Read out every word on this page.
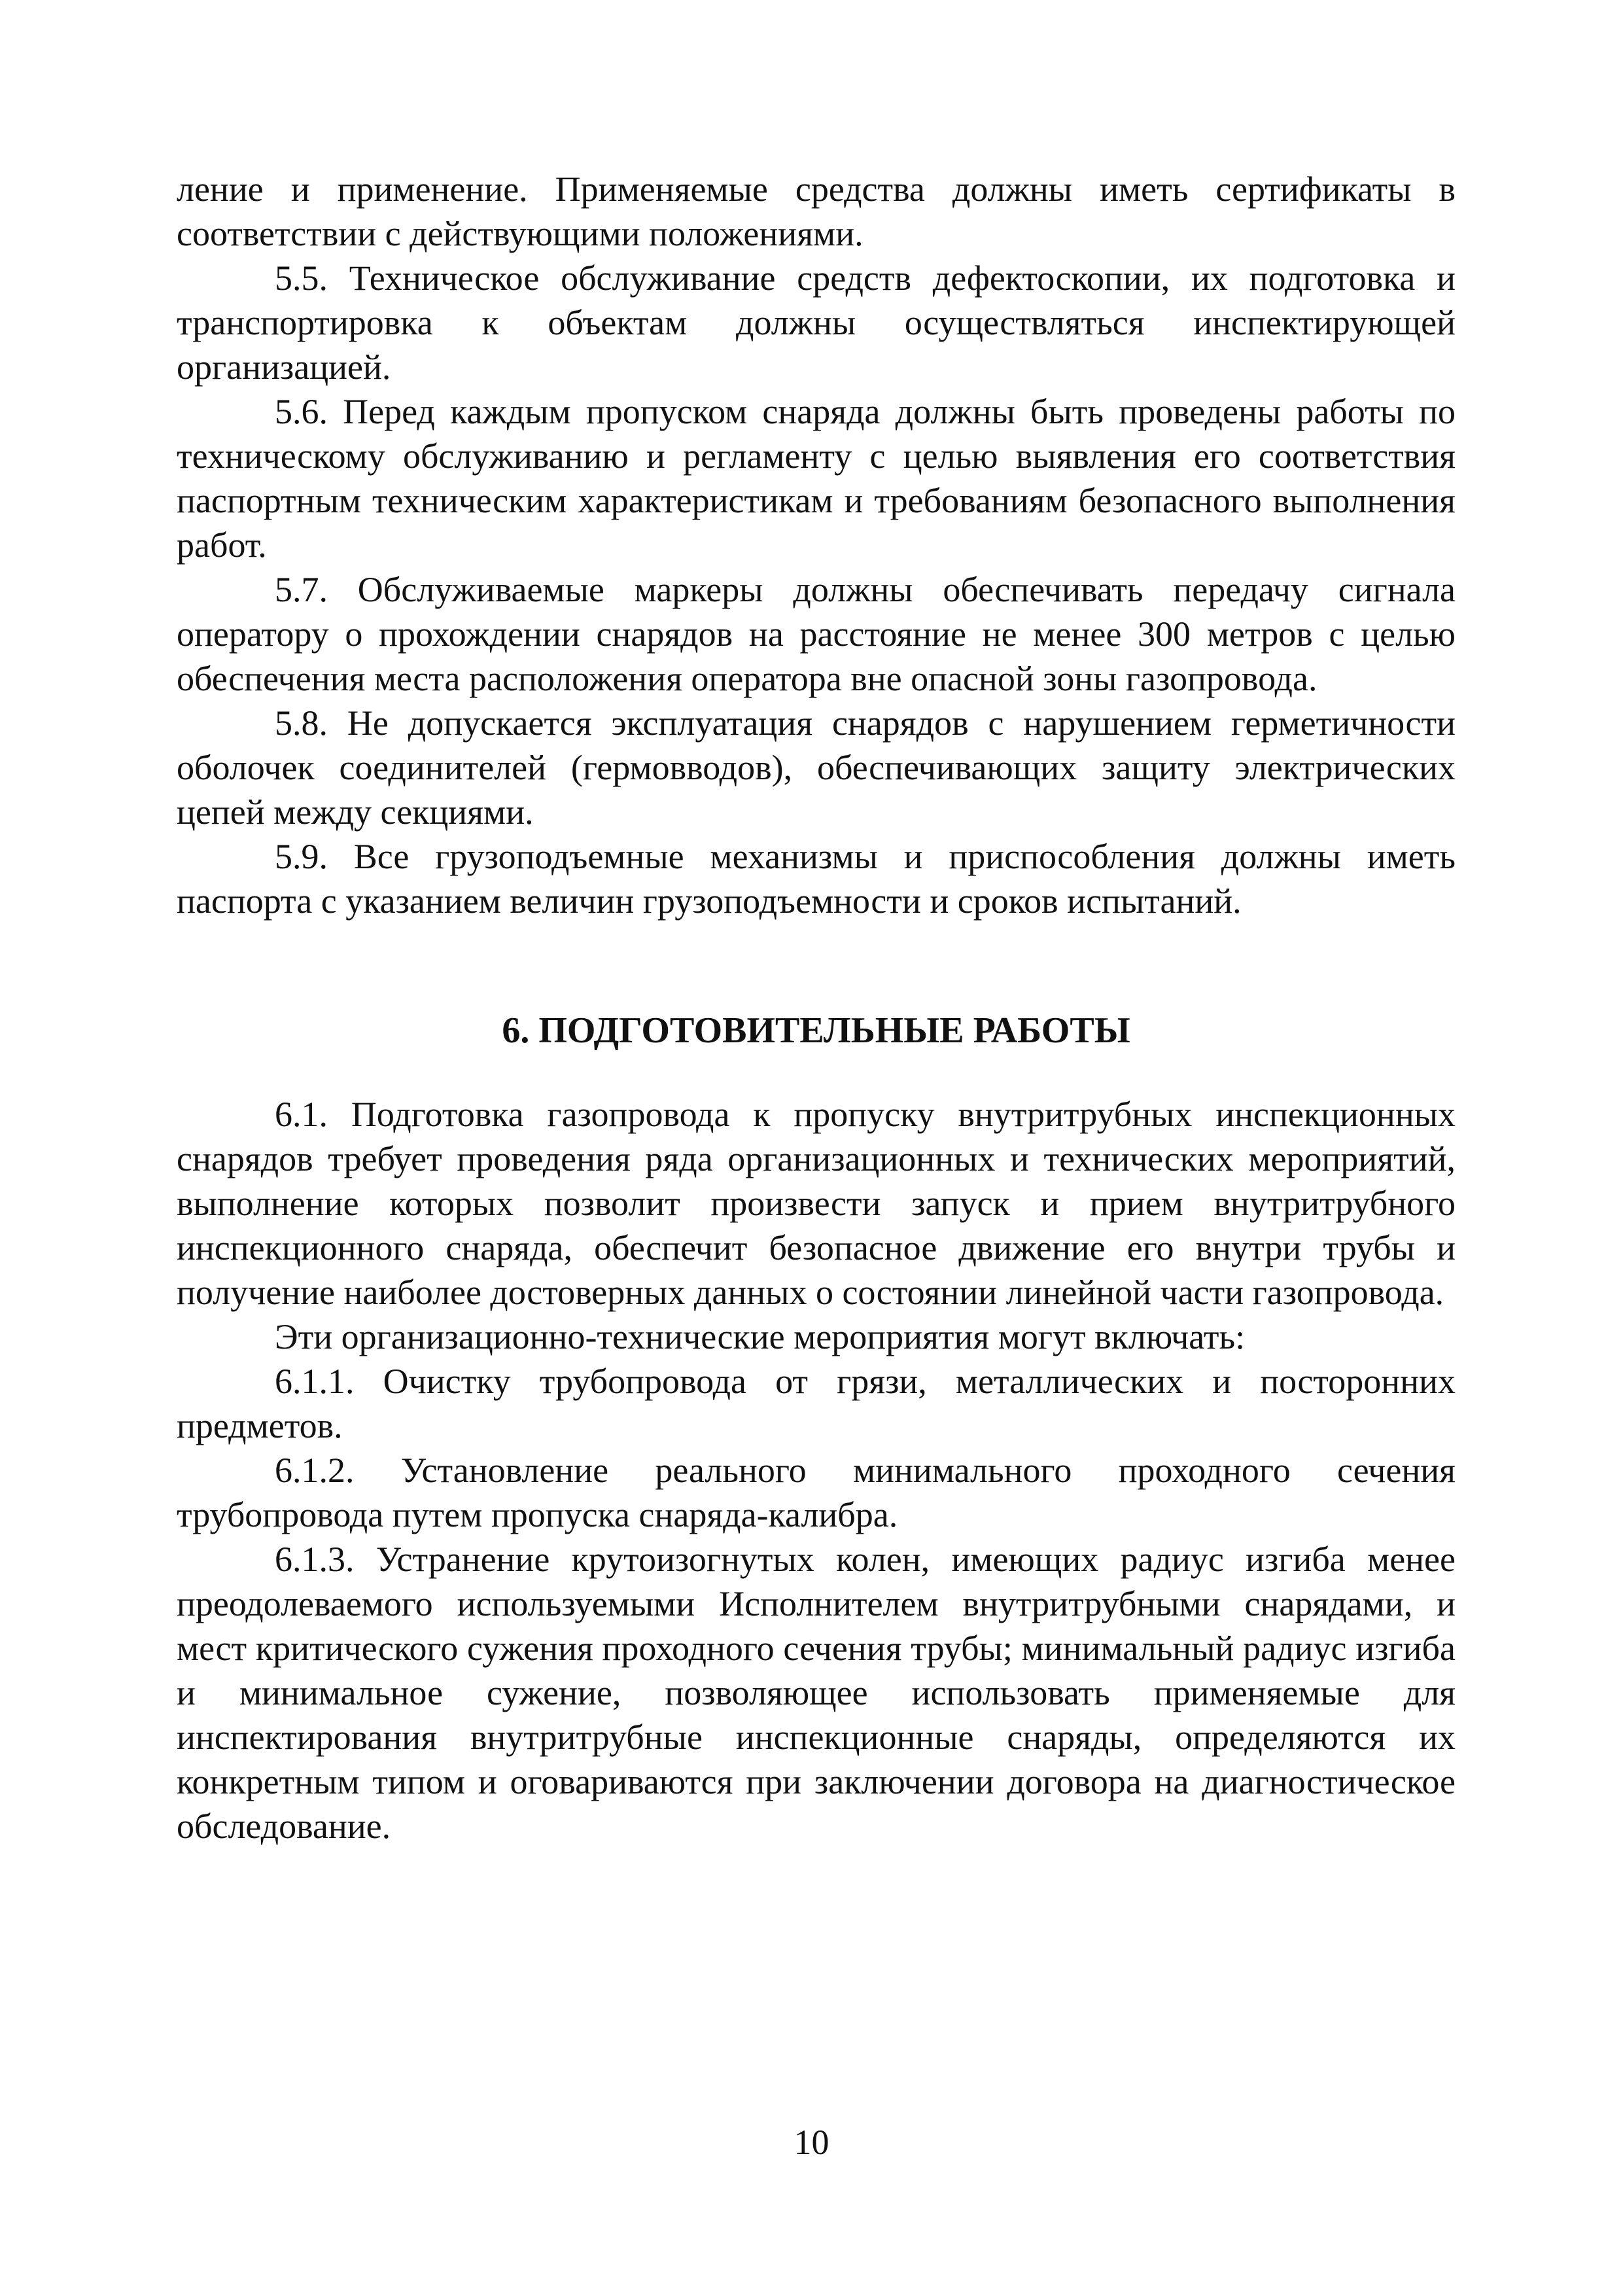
ление и применение. Применяемые средства должны иметь сертификаты в соответствии с действующими положениями.

5.5. Техническое обслуживание средств дефектоскопии, их подготовка и транспортировка к объектам должны осуществляться инспектирующей организацией.

5.6. Перед каждым пропуском снаряда должны быть проведены работы по техническому обслуживанию и регламенту с целью выявления его соответствия паспортным техническим характеристикам и требованиям безопасного выполнения работ.

5.7. Обслуживаемые маркеры должны обеспечивать передачу сигнала оператору о прохождении снарядов на расстояние не менее 300 метров с целью обеспечения места расположения оператора вне опасной зоны газопровода.

5.8. Не допускается эксплуатация снарядов с нарушением герметичности оболочек соединителей (гермовводов), обеспечивающих защиту электрических цепей между секциями.

5.9. Все грузоподъемные механизмы и приспособления должны иметь паспорта с указанием величин грузоподъемности и сроков испытаний.

6. ПОДГОТОВИТЕЛЬНЫЕ РАБОТЫ

6.1. Подготовка газопровода к пропуску внутритрубных инспекционных снарядов требует проведения ряда организационных и технических мероприятий, выполнение которых позволит произвести запуск и прием внутритрубного инспекционного снаряда, обеспечит безопасное движение его внутри трубы и получение наиболее достоверных данных о состоянии линейной части газопровода.

Эти организационно-технические мероприятия могут включать:

6.1.1. Очистку трубопровода от грязи, металлических и посторонних предметов.

6.1.2. Установление реального минимального проходного сечения трубопровода путем пропуска снаряда-калибра.

6.1.3. Устранение крутоизогнутых колен, имеющих радиус изгиба менее преодолеваемого используемыми Исполнителем внутритрубными снарядами, и мест критического сужения проходного сечения трубы; минимальный радиус изгиба и минимальное сужение, позволяющее использовать применяемые для инспектирования внутритрубные инспекционные снаряды, определяются их конкретным типом и оговариваются при заключении договора на диагностическое обследование.

10
